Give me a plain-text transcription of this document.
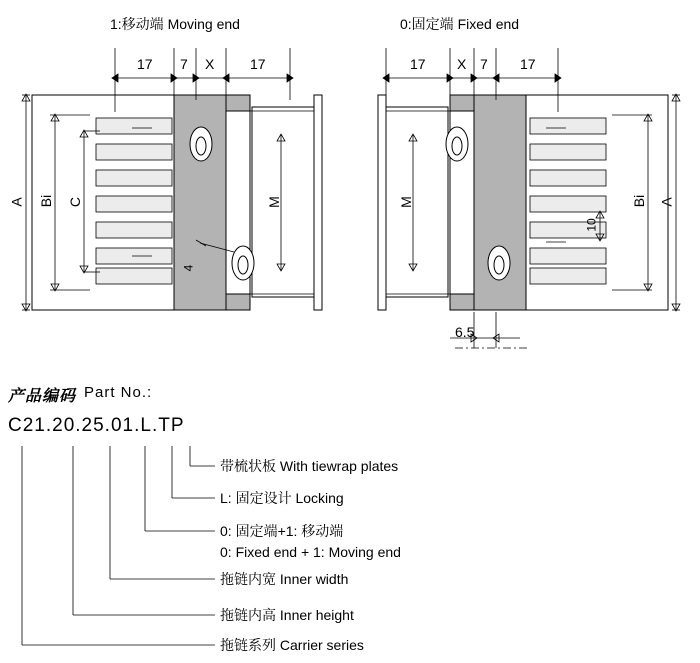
1:移动端 Moving end	0:固定端 Fixed end
17 7 X	17	17 X 7 17
A Bi C	M	M	Bi A
10
4
6.5
产品编码 Part No.:
C21.20.25.01.L.TP
带梳状板 With tiewrap plates
L: 固定设计 Locking
0: 固定端+1: 移动端
0: Fixed end + 1: Moving end
拖链内宽 Inner width
拖链内高 Inner height
拖链系列 Carrier series
